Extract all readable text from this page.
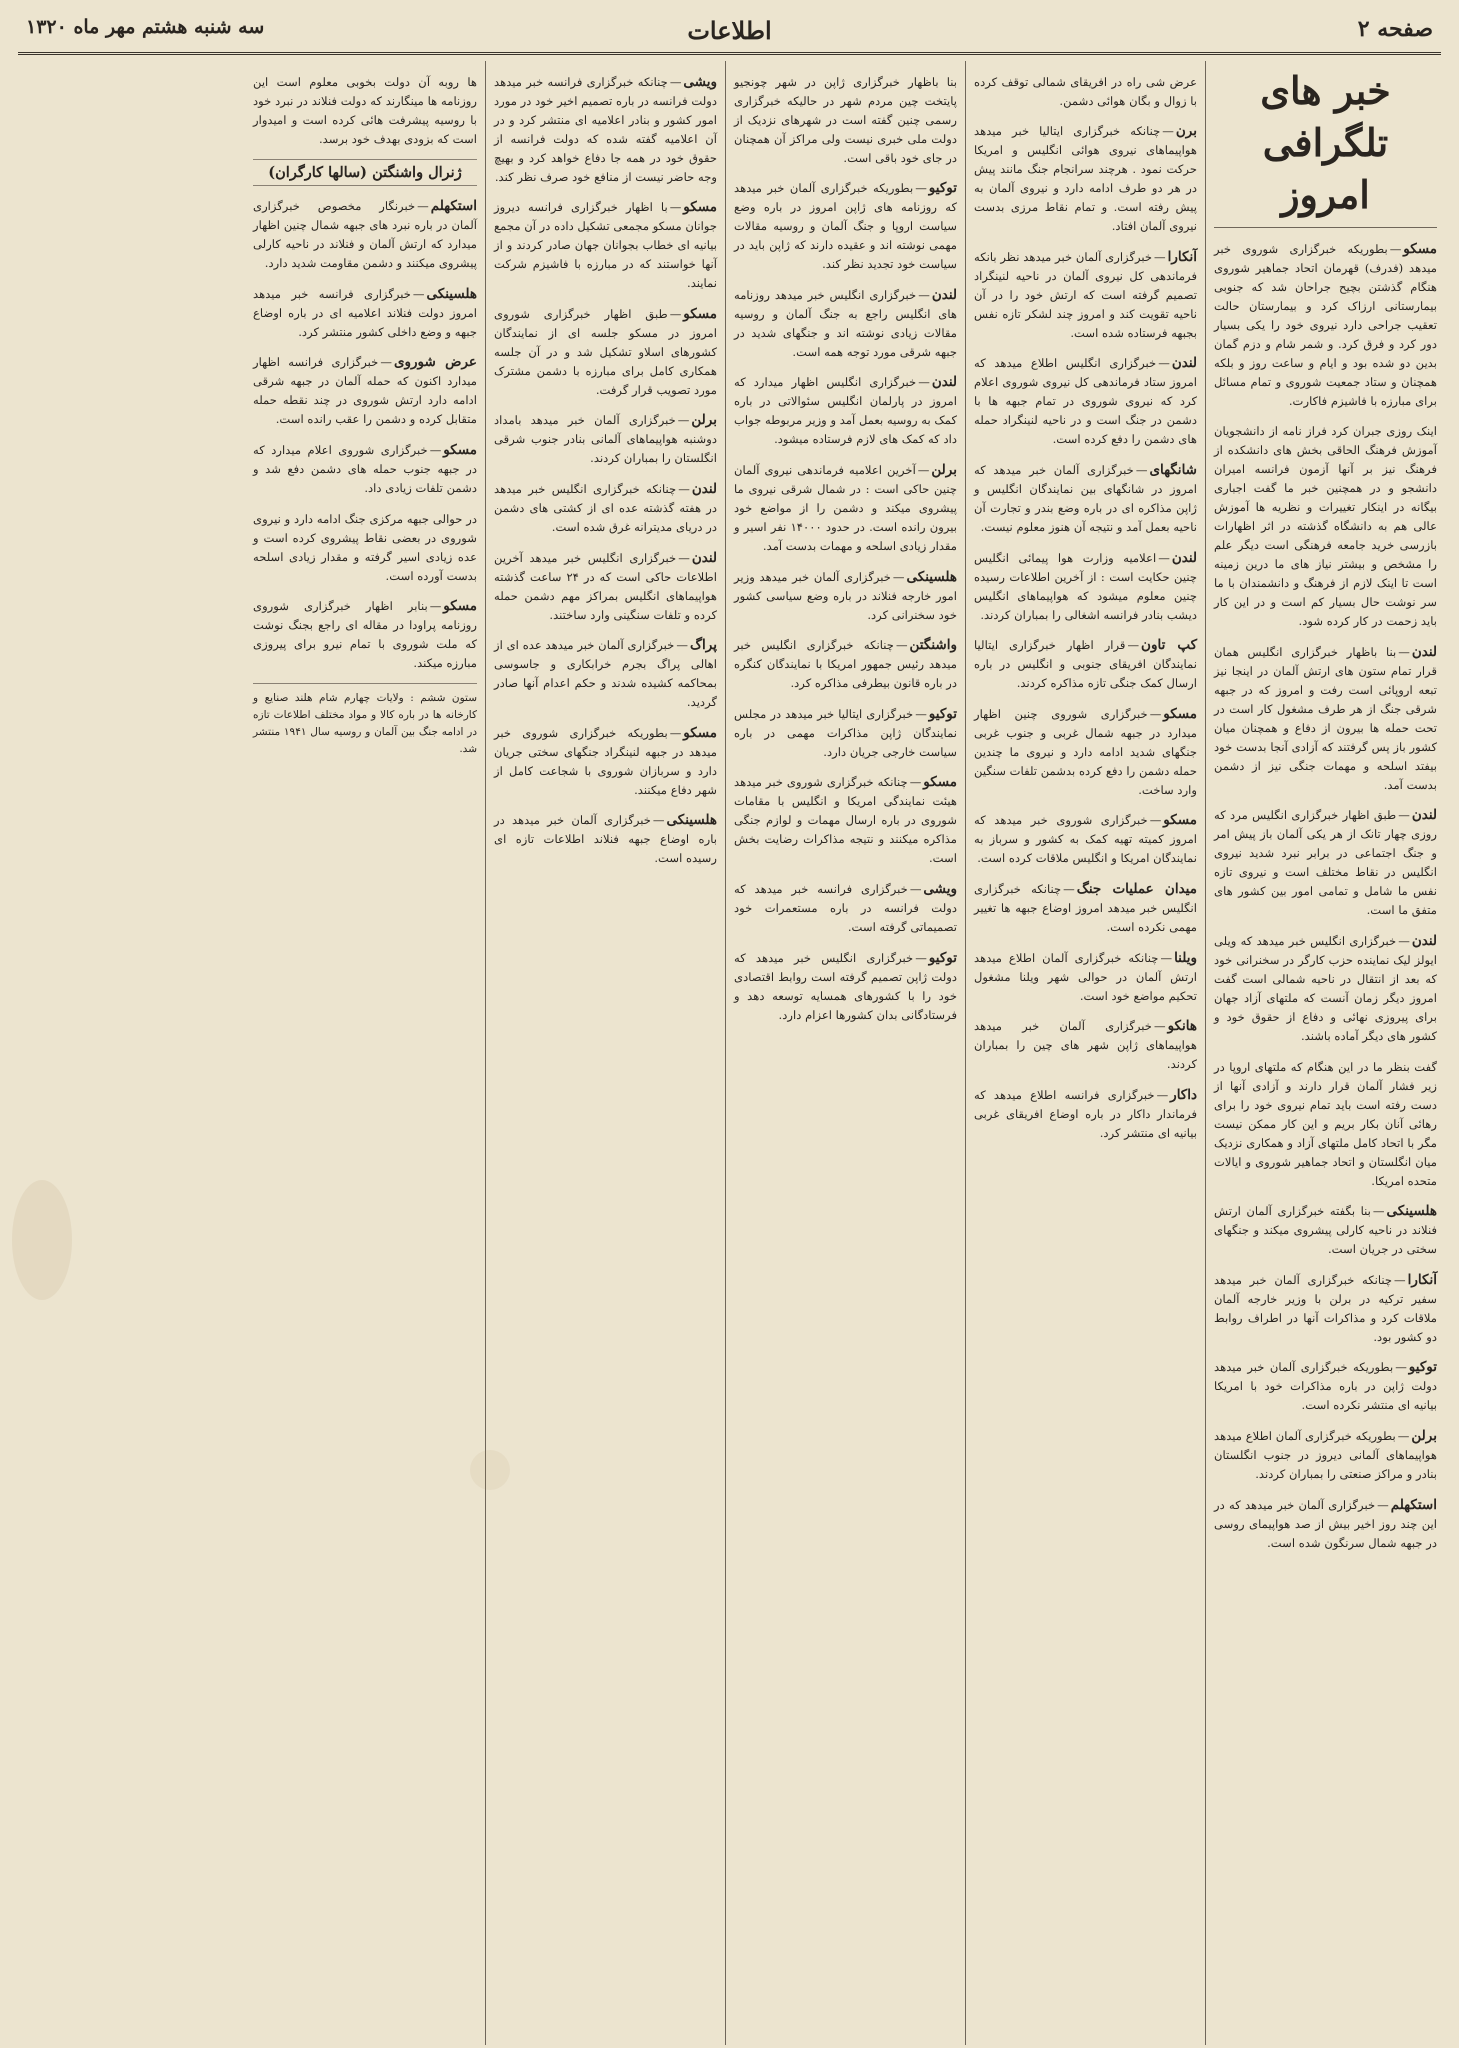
صفحه ۲
اطلاعات
سه شنبه هشتم مهر ماه ۱۳۲۰
خبر های تلگرافی امروز

مسکو—بطوریکه خبرگزاری شوروی خبر میدهد (فدرف) قهرمان اتحاد جماهیر شوروی هنگام گذشتن بچیح جراحان شد که جنوبی بیمارستانی ارزاک کرد و بیمارستان حالت تعقیب جراحی دارد نیروی خود را یکی بسیار دور کرد و فرق کرد. و شمر شام و دزم گمان بدین دو شده بود و ایام و ساعت روز و بلکه همچنان و ستاد جمعیت شوروی و تمام مسائل برای مبارزه با فاشیزم فاکارت.

اینک روزی جبران کرد فراز نامه از دانشجویان آموزش فرهنگ الحاقی بخش های دانشکده از فرهنگ نیز بر آنها آزمون فرانسه امیران دانشجو و در همچنین خبر ما گفت اجباری بیگانه در اینکار تغییرات و نظریه ها آموزش عالی هم به دانشگاه گذشته در اثر اظهارات بازرسی خرید جامعه فرهنگی است دیگر علم را مشخص و بیشتر نیاز های ما درین زمینه است تا اینک لازم از فرهنگ و دانشمندان با ما سر نوشت حال بسیار کم است و در این کار باید زحمت در کار کرده شود.

لندن—بنا باظهار خبرگزاری انگلیس همان قرار تمام ستون های ارتش آلمان در اینجا نیز تبعه اروپائی است رفت و امروز که در جبهه شرقی جنگ از هر طرف مشغول کار است در تحت حمله ها بیرون از دفاع و همچنان میان کشور باز پس گرفتند که آزادی آنجا بدست خود بیفتد اسلحه و مهمات جنگی نیز از دشمن بدست آمد.

لندن—طبق اظهار خبرگزاری انگلیس مرد که روزی چهار تانک از هر یکی آلمان باز پیش امر و جنگ اجتماعی در برابر نبرد شدید نیروی انگلیس در نقاط مختلف است و نیروی تازه نفس ما شامل و تمامی امور بین کشور های متفق ما است.

لندن—خبرگزاری انگلیس خبر میدهد که ویلی ایولز لیک نماینده حزب کارگر در سخنرانی خود که بعد از انتقال در ناحیه شمالی است گفت امروز دیگر زمان آنست که ملتهای آزاد جهان برای پیروزی نهائی و دفاع از حقوق خود و کشور های دیگر آماده باشند.

گفت بنظر ما در این هنگام که ملتهای اروپا در زیر فشار آلمان قرار دارند و آزادی آنها از دست رفته است باید تمام نیروی خود را برای رهائی آنان بکار بریم و این کار ممکن نیست مگر با اتحاد کامل ملتهای آزاد و همکاری نزدیک میان انگلستان و اتحاد جماهیر شوروی و ایالات متحده امریکا.

هلسینکی—بنا بگفته خبرگزاری آلمان ارتش فنلاند در ناحیه کارلی پیشروی میکند و جنگهای سختی در جریان است.

آنکارا—چنانکه خبرگزاری آلمان خبر میدهد سفیر ترکیه در برلن با وزیر خارجه آلمان ملاقات کرد و مذاکرات آنها در اطراف روابط دو کشور بود.

توکیو—بطوریکه خبرگزاری آلمان خبر میدهد دولت ژاپن در باره مذاکرات خود با امریکا بیانیه ای منتشر نکرده است.

برلن—بطوریکه خبرگزاری آلمان اطلاع میدهد هواپیماهای آلمانی دیروز در جنوب انگلستان بنادر و مراکز صنعتی را بمباران کردند.

استکهلم—خبرگزاری آلمان خبر میدهد که در این چند روز اخیر بیش از صد هواپیمای روسی در جبهه شمال سرنگون شده است.

عرض شی راه در افریقای شمالی توقف کرده با زوال و بگان هوائی دشمن.

برن—چنانکه خبرگزاری ایتالیا خبر میدهد هواپیماهای نیروی هوائی انگلیس و امریکا حرکت نمود . هرچند سرانجام جنگ مانند پیش در هر دو طرف ادامه دارد و نیروی آلمان به پیش رفته است. و تمام نقاط مرزی بدست نیروی آلمان افتاد.

آنکارا—خبرگزاری آلمان خبر میدهد نظر بانکه فرماندهی کل نیروی آلمان در ناحیه لنینگراد تصمیم گرفته است که ارتش خود را در آن ناحیه تقویت کند و امروز چند لشکر تازه نفس بجبهه فرستاده شده است.

لندن—خبرگزاری انگلیس اطلاع میدهد که امروز ستاد فرماندهی کل نیروی شوروی اعلام کرد که نیروی شوروی در تمام جبهه ها با دشمن در جنگ است و در ناحیه لنینگراد حمله های دشمن را دفع کرده است.

شانگهای—خبرگزاری آلمان خبر میدهد که امروز در شانگهای بین نمایندگان انگلیس و ژاپن مذاکره ای در باره وضع بندر و تجارت آن ناحیه بعمل آمد و نتیجه آن هنوز معلوم نیست.

لندن—اعلامیه وزارت هوا پیمائی انگلیس چنین حکایت است : از آخرین اطلاعات رسیده چنین معلوم میشود که هواپیماهای انگلیس دیشب بنادر فرانسه اشغالی را بمباران کردند.

کپ تاون—قرار اظهار خبرگزاری ایتالیا نمایندگان افریقای جنوبی و انگلیس در باره ارسال کمک جنگی تازه مذاکره کردند.

مسکو—خبرگزاری شوروی چنین اظهار میدارد در جبهه شمال غربی و جنوب غربی جنگهای شدید ادامه دارد و نیروی ما چندین حمله دشمن را دفع کرده بدشمن تلفات سنگین وارد ساخت.

مسکو—خبرگزاری شوروی خبر میدهد که امروز کمیته تهیه کمک به کشور و سرباز به نمایندگان امریکا و انگلیس ملاقات کرده است.

میدان عملیات جنگ—چنانکه خبرگزاری انگلیس خبر میدهد امروز اوضاع جبهه ها تغییر مهمی نکرده است.

ویلنا—چنانکه خبرگزاری آلمان اطلاع میدهد ارتش آلمان در حوالی شهر ویلنا مشغول تحکیم مواضع خود است.

هانکو—خبرگزاری آلمان خبر میدهد هواپیماهای ژاپن شهر های چین را بمباران کردند.

داکار—خبرگزاری فرانسه اطلاع میدهد که فرماندار داکار در باره اوضاع افریقای غربی بیانیه ای منتشر کرد.

بنا باظهار خبرگزاری ژاپن در شهر چونجیو پایتخت چین مردم شهر در حالیکه خبرگزاری رسمی چنین گفته است در شهرهای نزدیک از دولت ملی خبری نیست ولی مراکز آن همچنان در جای خود باقی است.

توکیو—بطوریکه خبرگزاری آلمان خبر میدهد که روزنامه های ژاپن امروز در باره وضع سیاست اروپا و جنگ آلمان و روسیه مقالات مهمی نوشته اند و عقیده دارند که ژاپن باید در سیاست خود تجدید نظر کند.

لندن—خبرگزاری انگلیس خبر میدهد روزنامه های انگلیس راجع به جنگ آلمان و روسیه مقالات زیادی نوشته اند و جنگهای شدید در جبهه شرقی مورد توجه همه است.

لندن—خبرگزاری انگلیس اظهار میدارد که امروز در پارلمان انگلیس سئوالاتی در باره کمک به روسیه بعمل آمد و وزیر مربوطه جواب داد که کمک های لازم فرستاده میشود.

برلن—آخرین اعلامیه فرماندهی نیروی آلمان چنین حاکی است : در شمال شرقی نیروی ما پیشروی میکند و دشمن را از مواضع خود بیرون رانده است. در حدود ۱۴۰۰۰ نفر اسیر و مقدار زیادی اسلحه و مهمات بدست آمد.

هلسینکی—خبرگزاری آلمان خبر میدهد وزیر امور خارجه فنلاند در باره وضع سیاسی کشور خود سخنرانی کرد.

واشنگتن—چنانکه خبرگزاری انگلیس خبر میدهد رئیس جمهور امریکا با نمایندگان کنگره در باره قانون بیطرفی مذاکره کرد.

توکیو—خبرگزاری ایتالیا خبر میدهد در مجلس نمایندگان ژاپن مذاکرات مهمی در باره سیاست خارجی جریان دارد.

مسکو—چنانکه خبرگزاری شوروی خبر میدهد هیئت نمایندگی امریکا و انگلیس با مقامات شوروی در باره ارسال مهمات و لوازم جنگی مذاکره میکنند و نتیجه مذاکرات رضایت بخش است.

ویشی—خبرگزاری فرانسه خبر میدهد که دولت فرانسه در باره مستعمرات خود تصمیماتی گرفته است.

توکیو—خبرگزاری انگلیس خبر میدهد که دولت ژاپن تصمیم گرفته است روابط اقتصادی خود را با کشورهای همسایه توسعه دهد و فرستادگانی بدان کشورها اعزام دارد.

ویشی—چنانکه خبرگزاری فرانسه خبر میدهد دولت فرانسه در باره تصمیم اخیر خود در مورد امور کشور و بنادر اعلامیه ای منتشر کرد و در آن اعلامیه گفته شده که دولت فرانسه از حقوق خود در همه جا دفاع خواهد کرد و بهیچ وجه حاضر نیست از منافع خود صرف نظر کند.

مسکو—با اظهار خبرگزاری فرانسه دیروز جوانان مسکو مجمعی تشکیل داده در آن مجمع بیانیه ای خطاب بجوانان جهان صادر کردند و از آنها خواستند که در مبارزه با فاشیزم شرکت نمایند.

مسکو—طبق اظهار خبرگزاری شوروی امروز در مسکو جلسه ای از نمایندگان کشورهای اسلاو تشکیل شد و در آن جلسه همکاری کامل برای مبارزه با دشمن مشترک مورد تصویب قرار گرفت.

برلن—خبرگزاری آلمان خبر میدهد بامداد دوشنبه هواپیماهای آلمانی بنادر جنوب شرقی انگلستان را بمباران کردند.

لندن—چنانکه خبرگزاری انگلیس خبر میدهد در هفته گذشته عده ای از کشتی های دشمن در دریای مدیترانه غرق شده است.

لندن—خبرگزاری انگلیس خبر میدهد آخرین اطلاعات حاکی است که در ۲۴ ساعت گذشته هواپیماهای انگلیس بمراکز مهم دشمن حمله کرده و تلفات سنگینی وارد ساختند.

پراگ—خبرگزاری آلمان خبر میدهد عده ای از اهالی پراگ بجرم خرابکاری و جاسوسی بمحاکمه کشیده شدند و حکم اعدام آنها صادر گردید.

مسکو—بطوریکه خبرگزاری شوروی خبر میدهد در جبهه لنینگراد جنگهای سختی جریان دارد و سربازان شوروی با شجاعت کامل از شهر دفاع میکنند.

هلسینکی—خبرگزاری آلمان خبر میدهد در باره اوضاع جبهه فنلاند اطلاعات تازه ای رسیده است.

ها روبه آن دولت بخوبی معلوم است این روزنامه ها مینگارند که دولت فنلاند در نبرد خود با روسیه پیشرفت هائی کرده است و امیدوار است که بزودی بهدف خود برسد.

ژنرال واشنگتن (سالها کارگران)

استکهلم—خبرنگار مخصوص خبرگزاری آلمان در باره نبرد های جبهه شمال چنین اظهار میدارد که ارتش آلمان و فنلاند در ناحیه کارلی پیشروی میکنند و دشمن مقاومت شدید دارد.

هلسینکی—خبرگزاری فرانسه خبر میدهد امروز دولت فنلاند اعلامیه ای در باره اوضاع جبهه و وضع داخلی کشور منتشر کرد.

عرض شوروی—خبرگزاری فرانسه اظهار میدارد اکنون که حمله آلمان در جبهه شرقی ادامه دارد ارتش شوروی در چند نقطه حمله متقابل کرده و دشمن را عقب رانده است.

مسکو—خبرگزاری شوروی اعلام میدارد که در جبهه جنوب حمله های دشمن دفع شد و دشمن تلفات زیادی داد.

در حوالی جبهه مرکزی جنگ ادامه دارد و نیروی شوروی در بعضی نقاط پیشروی کرده است و عده زیادی اسیر گرفته و مقدار زیادی اسلحه بدست آورده است.

مسکو—بنابر اظهار خبرگزاری شوروی روزنامه پراودا در مقاله ای راجع بجنگ نوشت که ملت شوروی با تمام نیرو برای پیروزی مبارزه میکند.

ستون ششم : ولایات چهارم شام هلند صنایع و کارخانه ها در باره کالا و مواد مختلف اطلاعات تازه در ادامه جنگ بین آلمان و روسیه سال ۱۹۴۱ منتشر شد.
